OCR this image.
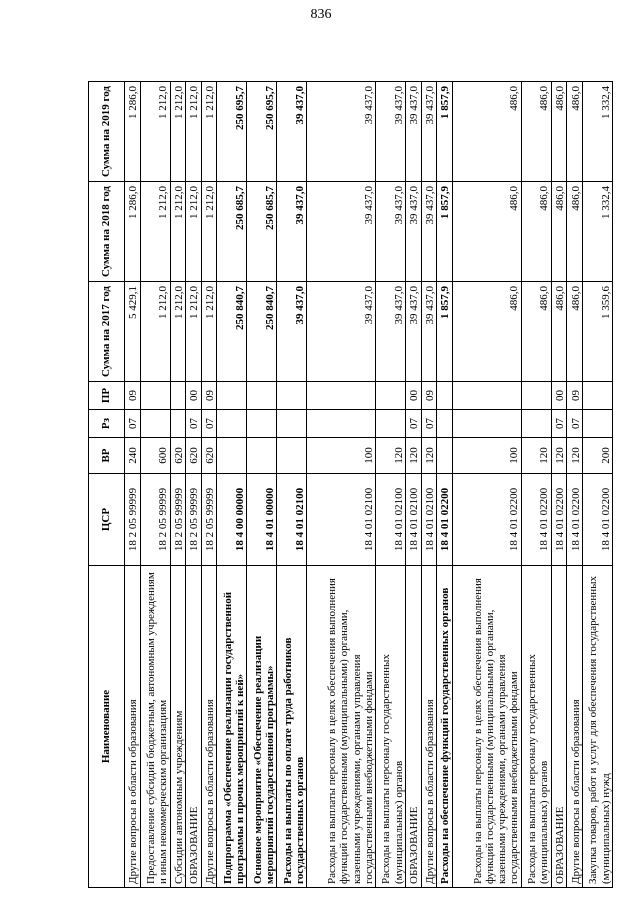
836
Наименование	ЦСР	ВР	Рз	ПР	Сумма на 2017 год	Сумма на 2018 год	Сумма на 2019 год
Другие вопросы в области образования	18 2 05 99999	240	07	09	5 429,1	1 286,0	1 286,0
Предоставление субсидий бюджетным, автономным учреждениям и иным некоммерческим организациям	18 2 05 99999	600			1 212,0	1 212,0	1 212,0
Субсидии автономным учреждениям	18 2 05 99999	620			1 212,0	1 212,0	1 212,0
ОБРАЗОВАНИЕ	18 2 05 99999	620	07	00	1 212,0	1 212,0	1 212,0
Другие вопросы в области образования	18 2 05 99999	620	07	09	1 212,0	1 212,0	1 212,0
Подпрограмма «Обеспечение реализации государственной программы и прочих мероприятий к ней»	18 4 00 00000				250 840,7	250 685,7	250 695,7
Основное мероприятие «Обеспечение реализации мероприятий государственной программы»	18 4 01 00000				250 840,7	250 685,7	250 695,7
Расходы на выплаты по оплате труда работников государственных органов	18 4 01 02100				39 437,0	39 437,0	39 437,0
Расходы на выплаты персоналу в целях обеспечения выполнения функций государственными (муниципальными) органами, казенными учреждениями, органами управления государственными внебюджетными фондами	18 4 01 02100	100			39 437,0	39 437,0	39 437,0
Расходы на выплаты персоналу государственных (муниципальных) органов	18 4 01 02100	120			39 437,0	39 437,0	39 437,0
ОБРАЗОВАНИЕ	18 4 01 02100	120	07	00	39 437,0	39 437,0	39 437,0
Другие вопросы в области образования	18 4 01 02100	120	07	09	39 437,0	39 437,0	39 437,0
Расходы на обеспечение функций государственных органов	18 4 01 02200				1 857,9	1 857,9	1 857,9
Расходы на выплаты персоналу в целях обеспечения выполнения функций государственными (муниципальными) органами, казенными учреждениями, органами управления государственными внебюджетными фондами	18 4 01 02200	100			486,0	486,0	486,0
Расходы на выплаты персоналу государственных (муниципальных) органов	18 4 01 02200	120			486,0	486,0	486,0
ОБРАЗОВАНИЕ	18 4 01 02200	120	07	00	486,0	486,0	486,0
Другие вопросы в области образования	18 4 01 02200	120	07	09	486,0	486,0	486,0
Закупка товаров, работ и услуг для обеспечения государственных (муниципальных) нужд	18 4 01 02200	200			1 359,6	1 332,4	1 332,4
